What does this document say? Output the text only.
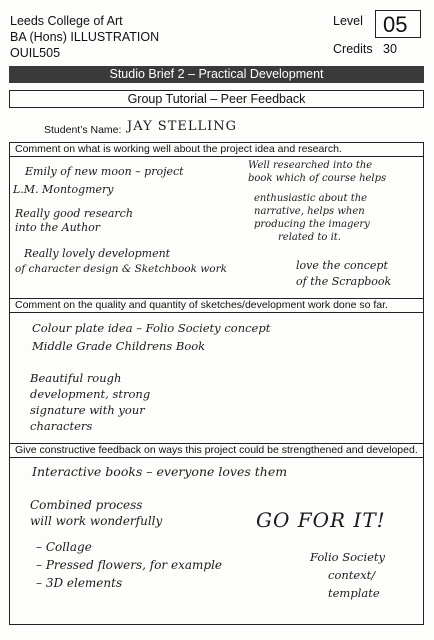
Leeds College of Art
BA (Hons) ILLUSTRATION
OUIL505
Level 05
Credits 30
Studio Brief 2 – Practical Development
Group Tutorial – Peer Feedback
Student’s Name: JAY STELLING
Comment on what is working well about the project idea and research.
Emily of new moon – project
L.M. Montogmery
Really good research
into the Author
Really lovely development
of character design & Sketchbook work
Well researched into the
book which of course helps
enthusiastic about the
narrative, helps when
producing the imagery
related to it.
love the concept
of the Scrapbook
Comment on the quality and quantity of sketches/development work done so far.
Colour plate idea – Folio Society concept
Middle Grade Childrens Book
Beautiful rough
development, strong
signature with your
characters
Give constructive feedback on ways this project could be strengthened and developed.
Interactive books – everyone loves them
Combined process
will work wonderfully
– Collage
– Pressed flowers, for example
– 3D elements
GO FOR IT!
Folio Society
context/
template
